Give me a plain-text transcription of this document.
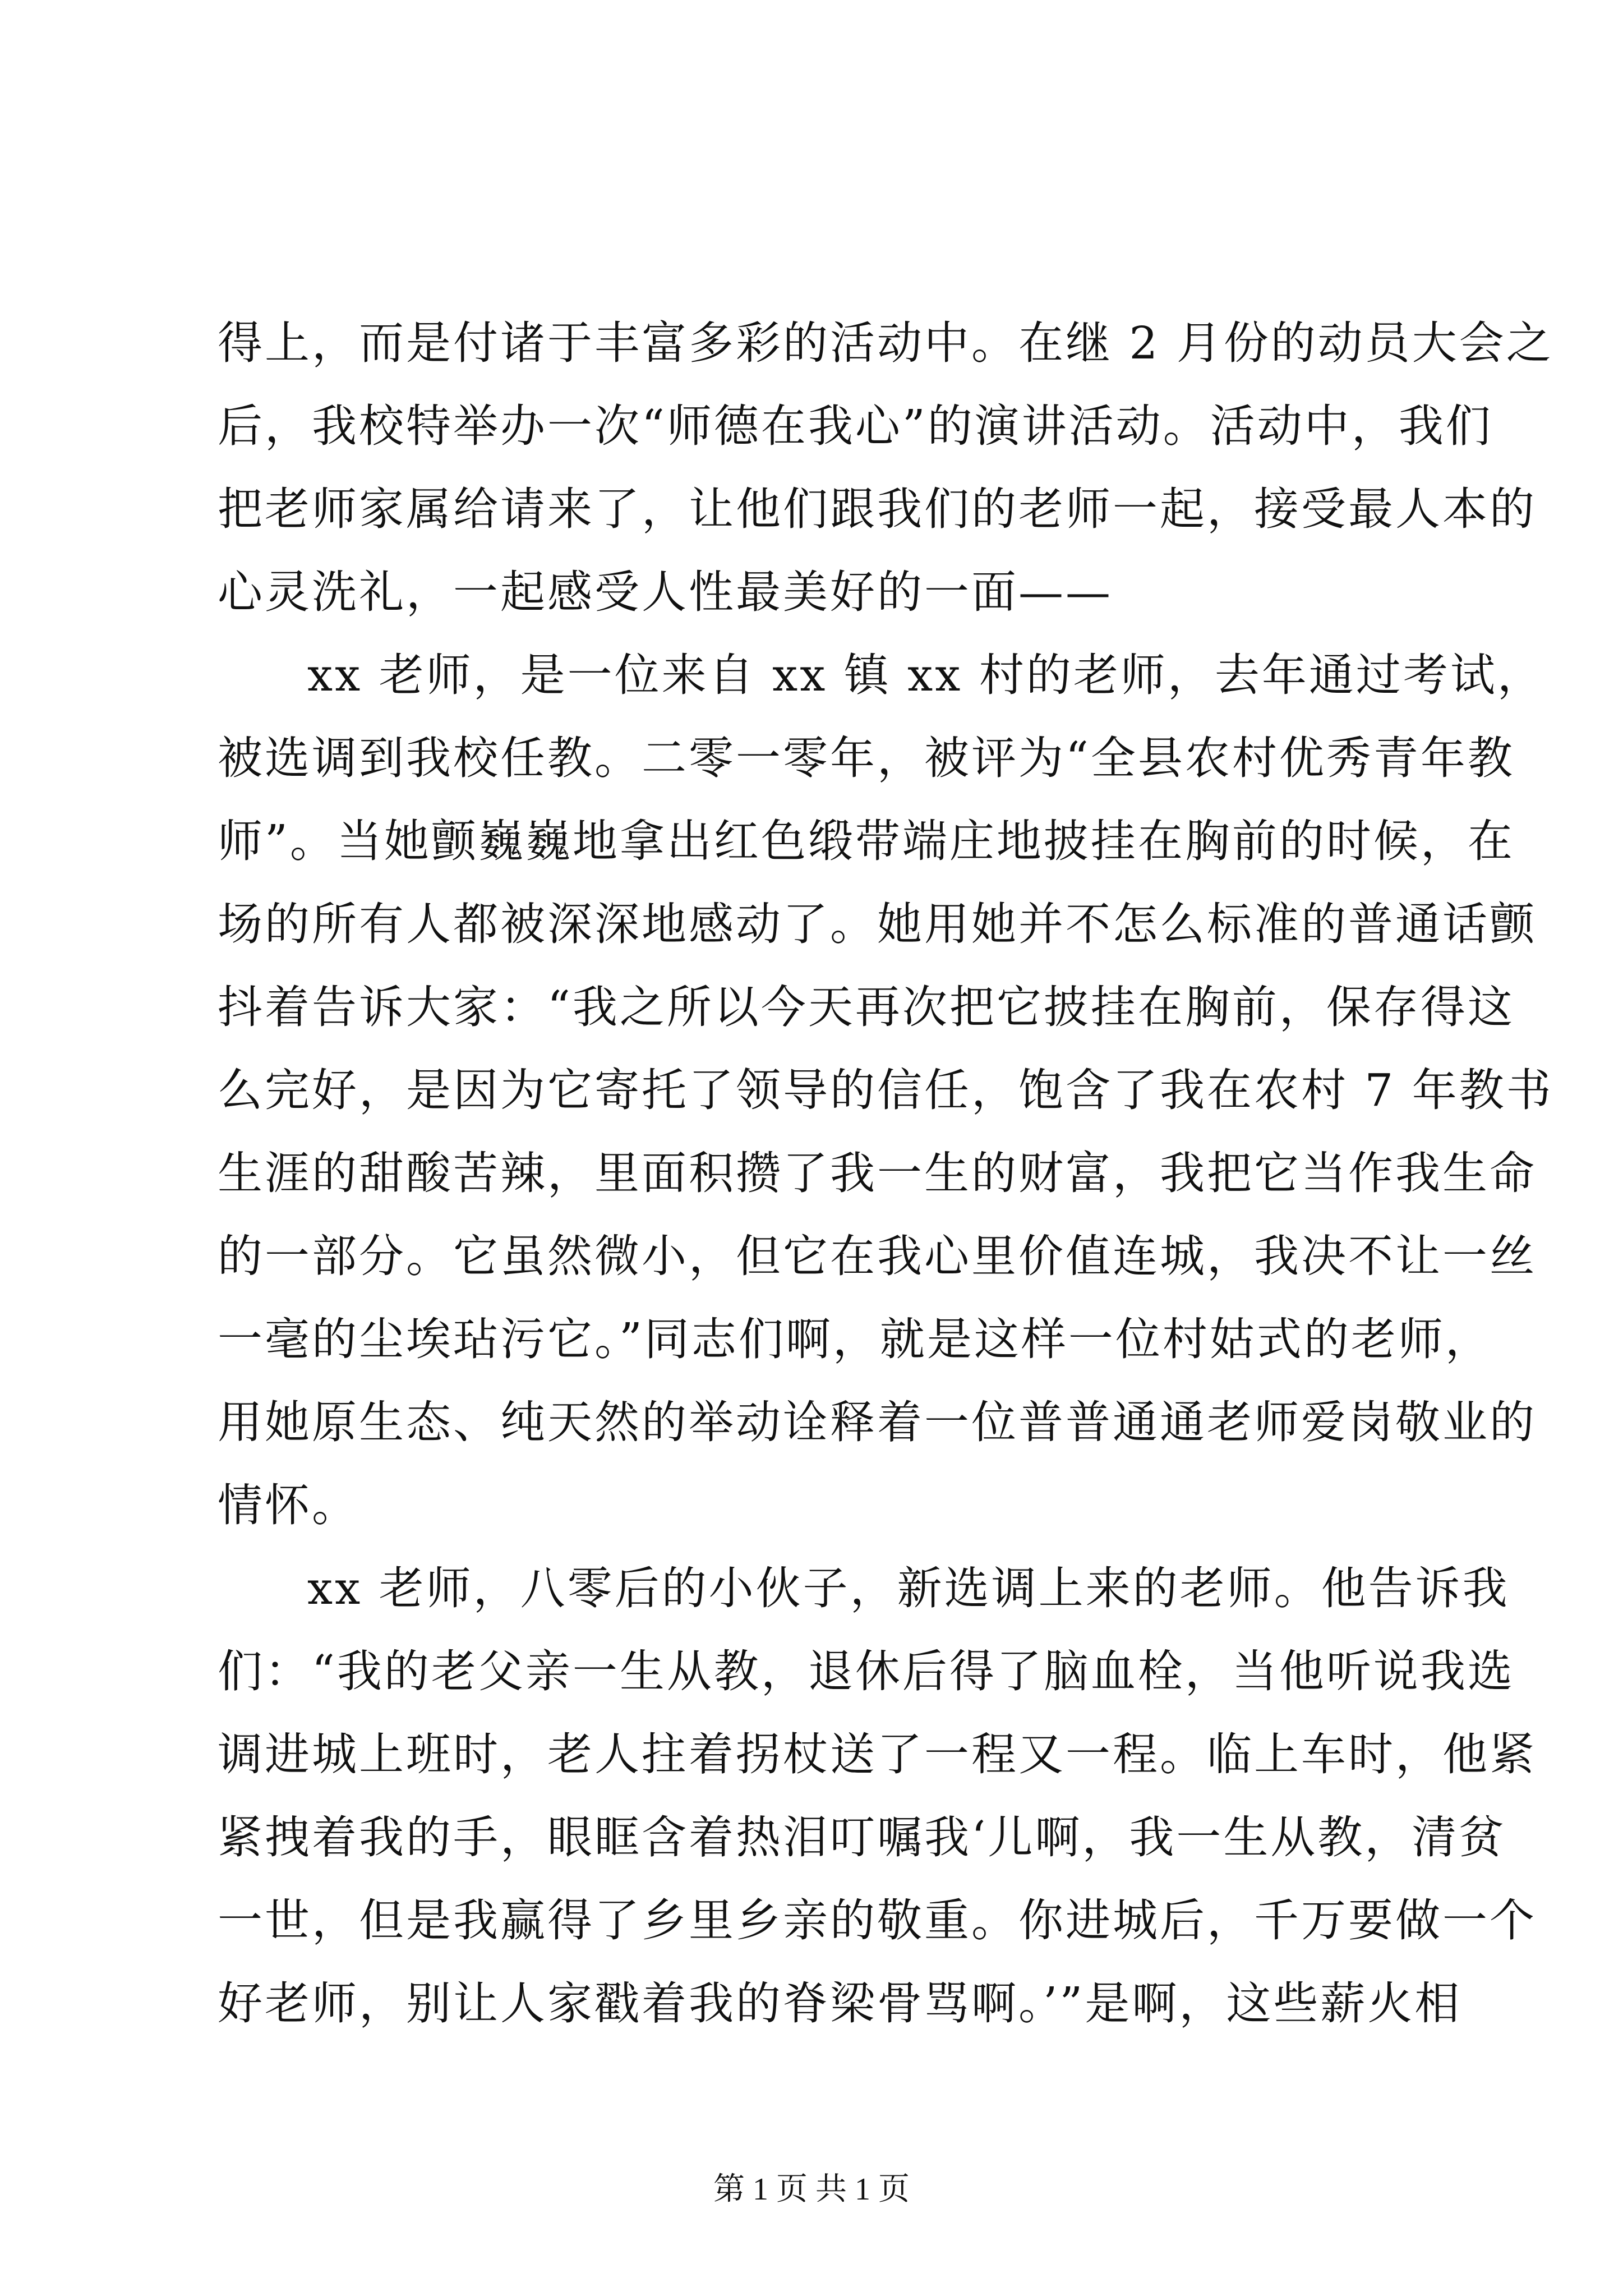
得上，而是付诸于丰富多彩的活动中。在继 2 月份的动员大会之
后，我校特举办一次“师德在我心”的演讲活动。活动中，我们
把老师家属给请来了，让他们跟我们的老师一起，接受最人本的
心灵洗礼，一起感受人性最美好的一面——
xx 老师，是一位来自 xx 镇 xx 村的老师，去年通过考试，
被选调到我校任教。二零一零年，被评为“全县农村优秀青年教
师”。当她颤巍巍地拿出红色缎带端庄地披挂在胸前的时候，在
场的所有人都被深深地感动了。她用她并不怎么标准的普通话颤
抖着告诉大家：“我之所以今天再次把它披挂在胸前，保存得这
么完好，是因为它寄托了领导的信任，饱含了我在农村 7 年教书
生涯的甜酸苦辣，里面积攒了我一生的财富，我把它当作我生命
的一部分。它虽然微小，但它在我心里价值连城，我决不让一丝
一毫的尘埃玷污它。”同志们啊，就是这样一位村姑式的老师，
用她原生态、纯天然的举动诠释着一位普普通通老师爱岗敬业的
情怀。
xx 老师，八零后的小伙子，新选调上来的老师。他告诉我
们：“我的老父亲一生从教，退休后得了脑血栓，当他听说我选
调进城上班时，老人拄着拐杖送了一程又一程。临上车时，他紧
紧拽着我的手，眼眶含着热泪叮嘱我‘儿啊，我一生从教，清贫
一世，但是我赢得了乡里乡亲的敬重。你进城后，千万要做一个
好老师，别让人家戳着我的脊梁骨骂啊。’”是啊，这些薪火相
第 1 页 共 1 页
